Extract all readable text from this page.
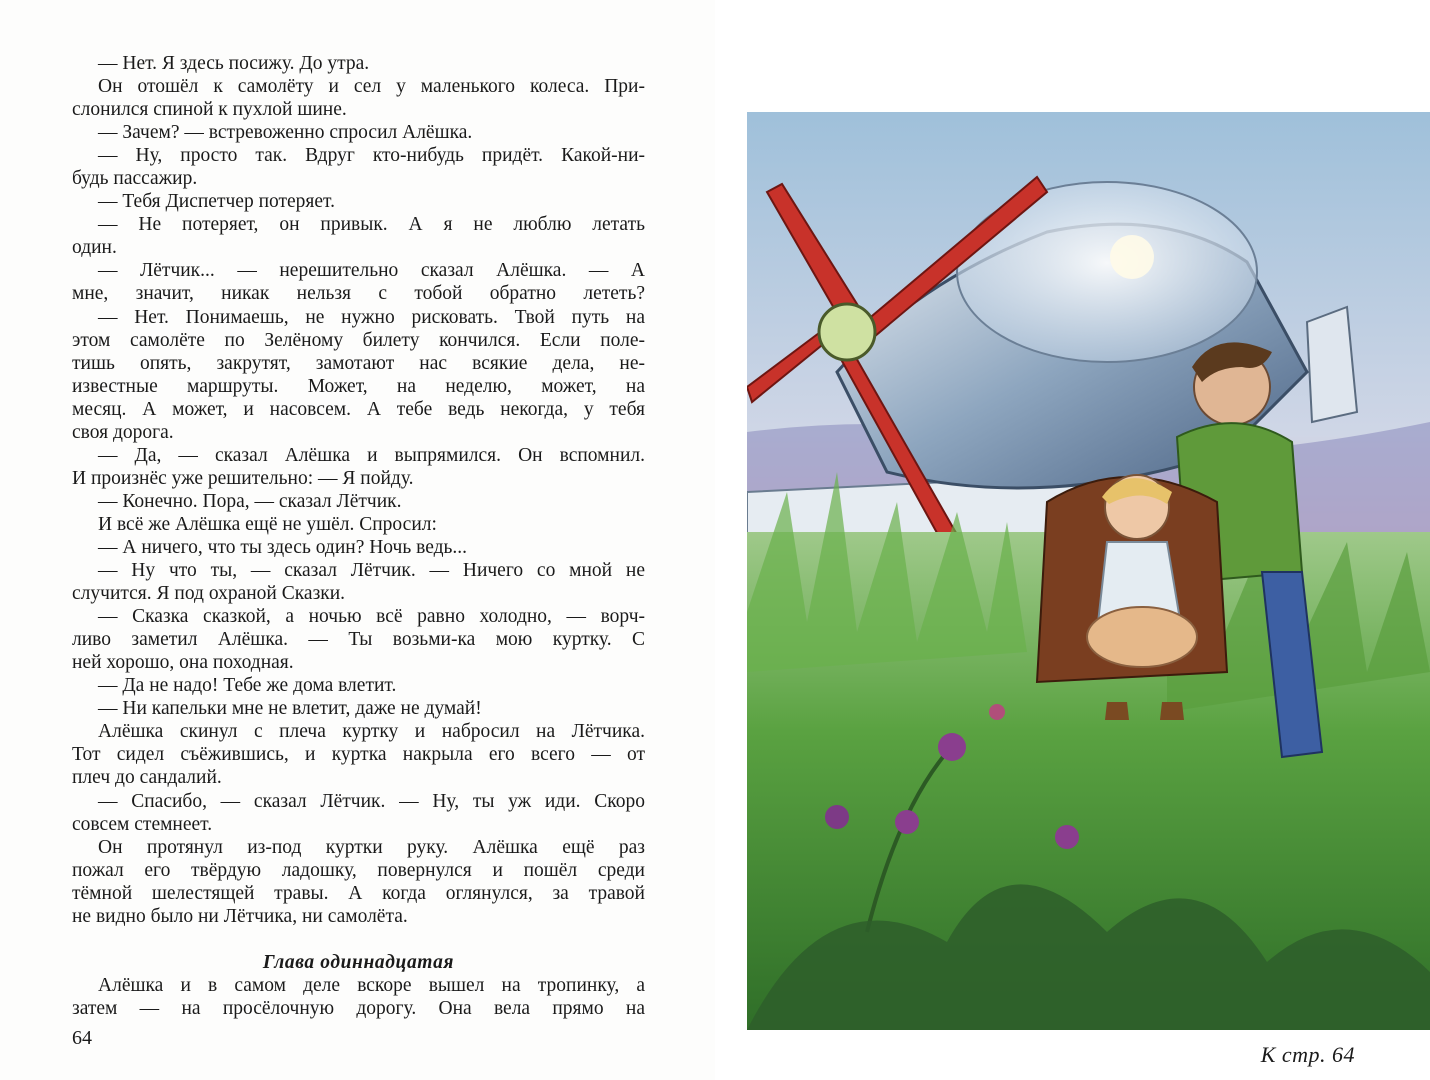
— Нет. Я здесь посижу. До утра.
Он отошёл к самолёту и сел у маленького колеса. При-
слонился спиной к пухлой шине.
— Зачем? — встревоженно спросил Алёшка.
— Ну, просто так. Вдруг кто-нибудь придёт. Какой-ни-
будь пассажир.
— Тебя Диспетчер потеряет.
— Не потеряет, он привык. А я не люблю летать
один.
— Лётчик... — нерешительно сказал Алёшка. — А
мне, значит, никак нельзя с тобой обратно лететь?
— Нет. Понимаешь, не нужно рисковать. Твой путь на
этом самолёте по Зелёному билету кончился. Если поле-
тишь опять, закрутят, замотают нас всякие дела, не-
известные маршруты. Может, на неделю, может, на
месяц. А может, и насовсем. А тебе ведь некогда, у тебя
своя дорога.
— Да, — сказал Алёшка и выпрямился. Он вспомнил.
И произнёс уже решительно: — Я пойду.
— Конечно. Пора, — сказал Лётчик.
И всё же Алёшка ещё не ушёл. Спросил:
— А ничего, что ты здесь один? Ночь ведь...
— Ну что ты, — сказал Лётчик. — Ничего со мной не
случится. Я под охраной Сказки.
— Сказка сказкой, а ночью всё равно холодно, — ворч-
ливо заметил Алёшка. — Ты возьми-ка мою куртку. С
ней хорошо, она походная.
— Да не надо! Тебе же дома влетит.
— Ни капельки мне не влетит, даже не думай!
Алёшка скинул с плеча куртку и набросил на Лётчика.
Тот сидел съёжившись, и куртка накрыла его всего — от
плеч до сандалий.
— Спасибо, — сказал Лётчик. — Ну, ты уж иди. Скоро
совсем стемнеет.
Он протянул из-под куртки руку. Алёшка ещё раз
пожал его твёрдую ладошку, повернулся и пошёл среди
тёмной шелестящей травы. А когда оглянулся, за травой
не видно было ни Лётчика, ни самолёта.
Глава одиннадцатая
Алёшка и в самом деле вскоре вышел на тропинку, а
затем — на просёлочную дорогу. Она вела прямо на
64
К стр. 64
